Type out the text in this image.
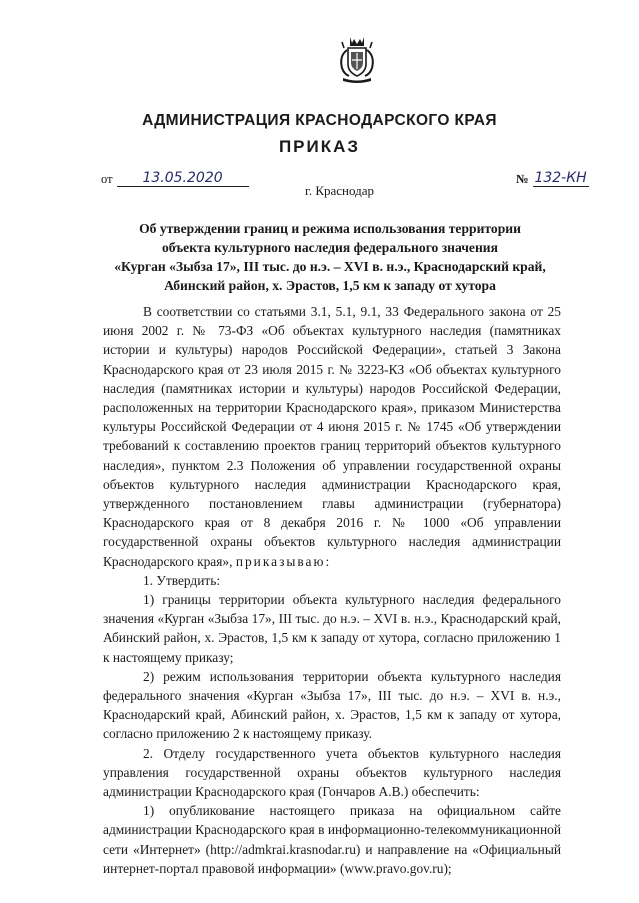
АДМИНИСТРАЦИЯ КРАСНОДАРСКОГО КРАЯ
ПРИКАЗ
от	13.05.2020	№ 132-КН
г. Краснодар
Об утверждении границ и режима использования территории
объекта культурного наследия федерального значения
«Курган «Зыбза 17», III тыс. до н.э. – XVI в. н.э., Краснодарский край,
Абинский район, х. Эрастов, 1,5 км к западу от хутора

В соответствии со статьями 3.1, 5.1, 9.1, 33 Федерального закона от 25 июня 2002 г. № 73-ФЗ «Об объектах культурного наследия (памятниках истории и культуры) народов Российской Федерации», статьей 3 Закона Краснодарского края от 23 июля 2015 г. № 3223-КЗ «Об объектах культурного наследия (памятниках истории и культуры) народов Российской Федерации, расположенных на территории Краснодарского края», приказом Министерства культуры Российской Федерации от 4 июня 2015 г. № 1745 «Об утверждении требований к составлению проектов границ территорий объектов культурного наследия», пунктом 2.3 Положения об управлении государственной охраны объектов культурного наследия администрации Краснодарского края, утвержденного постановлением главы администрации (губернатора) Краснодарского края от 8 декабря 2016 г. № 1000 «Об управлении государственной охраны объектов культурного наследия администрации Краснодарского края», приказываю:

1. Утвердить:

1) границы территории объекта культурного наследия федерального значения «Курган «Зыбза 17», III тыс. до н.э. – XVI в. н.э., Краснодарский край, Абинский район, х. Эрастов, 1,5 км к западу от хутора, согласно приложению 1 к настоящему приказу;

2) режим использования территории объекта культурного наследия федерального значения «Курган «Зыбза 17», III тыс. до н.э. – XVI в. н.э., Краснодарский край, Абинский район, х. Эрастов, 1,5 км к западу от хутора, согласно приложению 2 к настоящему приказу.

2. Отделу государственного учета объектов культурного наследия управления государственной охраны объектов культурного наследия администрации Краснодарского края (Гончаров А.В.) обеспечить:

1) опубликование настоящего приказа на официальном сайте администрации Краснодарского края в информационно-телекоммуникационной сети «Интернет» (http://admkrai.krasnodar.ru) и направление на «Официальный интернет-портал правовой информации» (www.pravo.gov.ru);
